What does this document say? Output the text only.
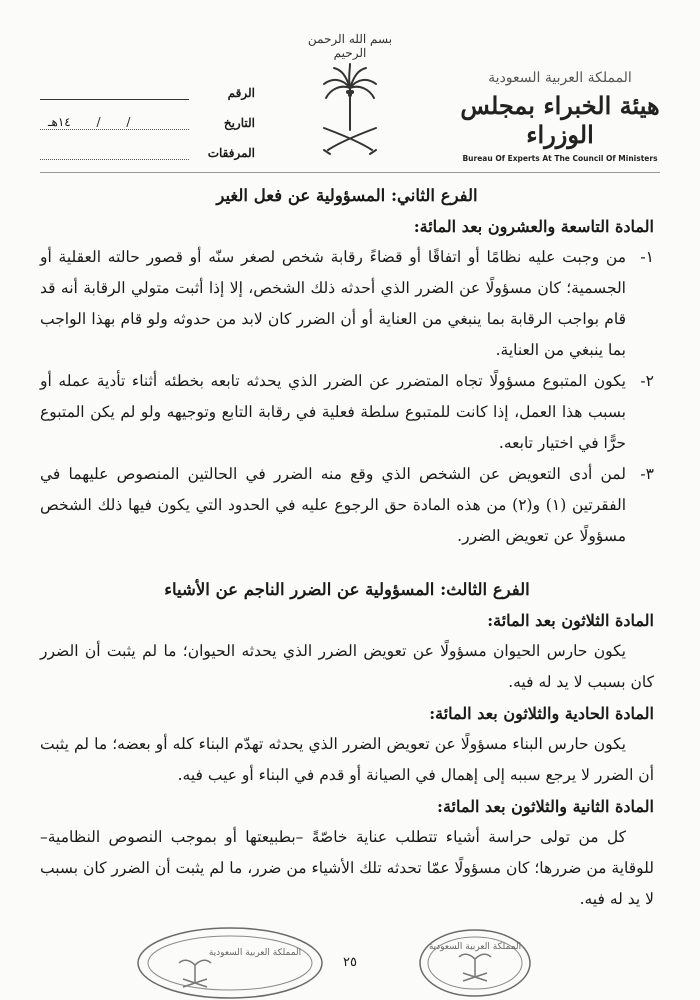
بسم الله الرحمن الرحيم
المملكة العربية السعودية
هيئة الخبراء بمجلس الوزراء
Bureau Of Experts At The Council Of Ministers
الرقم
التاريخ
/ / ١٤هـ
المرفقات

الفرع الثاني: المسؤولية عن فعل الغير

المادة التاسعة والعشرون بعد المائة:

١-
من وجبت عليه نظامًا أو اتفاقًا أو قضاءً رقابة شخص لصغر سنّه أو قصور حالته العقلية أو الجسمية؛ كان مسؤولًا عن الضرر الذي أحدثه ذلك الشخص، إلا إذا أثبت متولي الرقابة أنه قد قام بواجب الرقابة بما ينبغي من العناية أو أن الضرر كان لابد من حدوثه ولو قام بهذا الواجب بما ينبغي من العناية.
٢-
يكون المتبوع مسؤولًا تجاه المتضرر عن الضرر الذي يحدثه تابعه بخطئه أثناء تأدية عمله أو بسبب هذا العمل، إذا كانت للمتبوع سلطة فعلية في رقابة التابع وتوجيهه ولو لم يكن المتبوع حرًّا في اختيار تابعه.
٣-
لمن أدى التعويض عن الشخص الذي وقع منه الضرر في الحالتين المنصوص عليهما في الفقرتين (١) و(٢) من هذه المادة حق الرجوع عليه في الحدود التي يكون فيها ذلك الشخص مسؤولًا عن تعويض الضرر.

الفرع الثالث: المسؤولية عن الضرر الناجم عن الأشياء

المادة الثلاثون بعد المائة:

يكون حارس الحيوان مسؤولًا عن تعويض الضرر الذي يحدثه الحيوان؛ ما لم يثبت أن الضرر كان بسبب لا يد له فيه.

المادة الحادية والثلاثون بعد المائة:

يكون حارس البناء مسؤولًا عن تعويض الضرر الذي يحدثه تهدّم البناء كله أو بعضه؛ ما لم يثبت أن الضرر لا يرجع سببه إلى إهمال في الصيانة أو قدم في البناء أو عيب فيه.

المادة الثانية والثلاثون بعد المائة:

كل من تولى حراسة أشياء تتطلب عناية خاصّةً –بطبيعتها أو بموجب النصوص النظامية– للوقاية من ضررها؛ كان مسؤولًا عمّا تحدثه تلك الأشياء من ضرر، ما لم يثبت أن الضرر كان بسبب لا يد له فيه.

المملكة العربية السعودية
المملكة العربية السعودية
٢٥
